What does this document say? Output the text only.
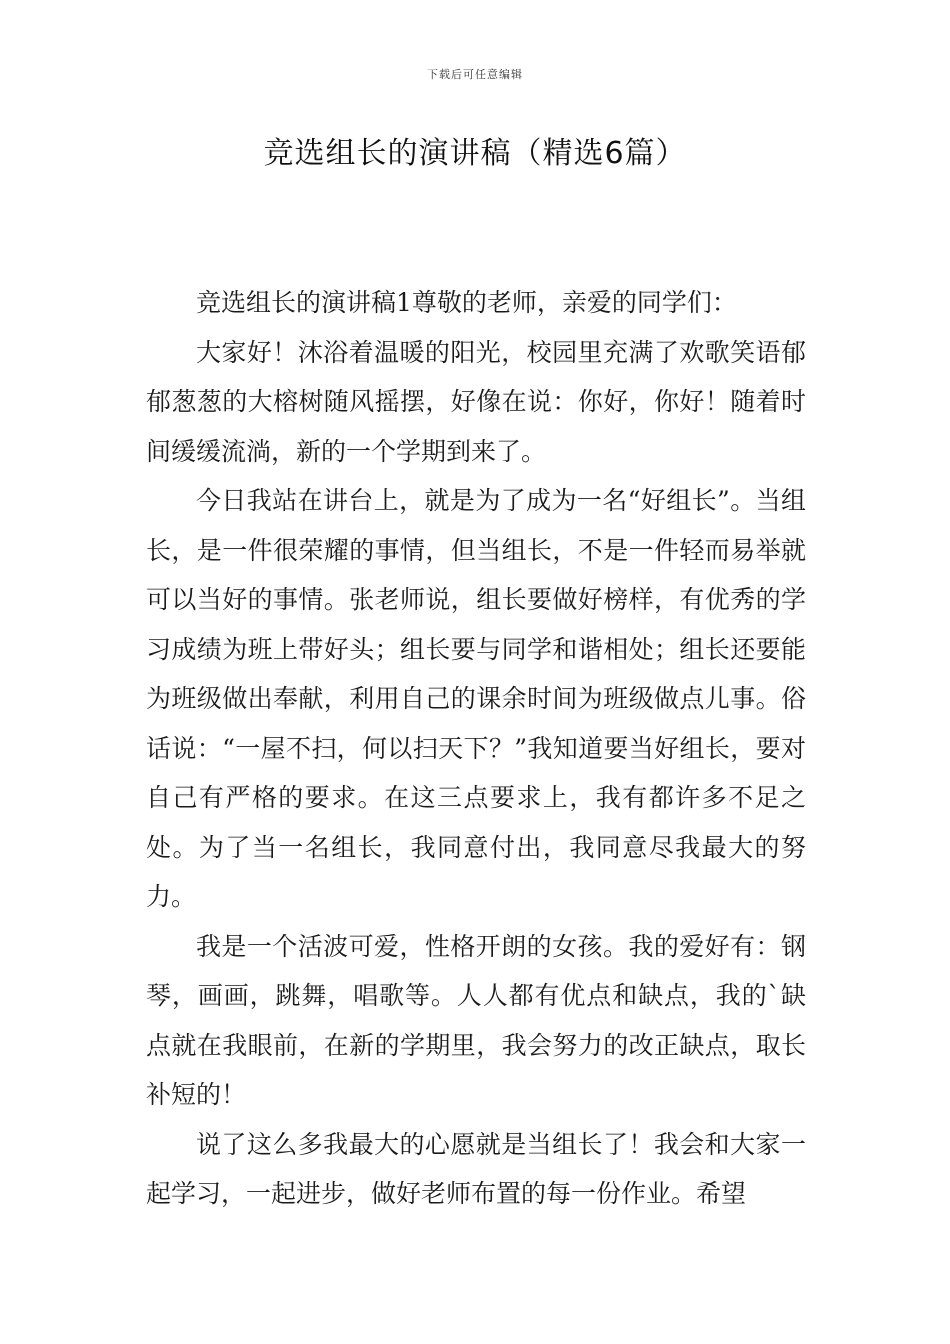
下载后可任意编辑
竞选组长的演讲稿（精选6篇）

竞选组长的演讲稿1尊敬的老师，亲爱的同学们：

大家好！沐浴着温暖的阳光，校园里充满了欢歌笑语郁郁葱葱的大榕树随风摇摆，好像在说：你好，你好！随着时间缓缓流淌，新的一个学期到来了。

今日我站在讲台上，就是为了成为一名“好组长”。当组长，是一件很荣耀的事情，但当组长，不是一件轻而易举就可以当好的事情。张老师说，组长要做好榜样，有优秀的学习成绩为班上带好头；组长要与同学和谐相处；组长还要能为班级做出奉献，利用自己的课余时间为班级做点儿事。俗话说：“一屋不扫，何以扫天下？”我知道要当好组长，要对自己有严格的要求。在这三点要求上，我有都许多不足之处。为了当一名组长，我同意付出，我同意尽我最大的努力。

我是一个活波可爱，性格开朗的女孩。我的爱好有：钢琴，画画，跳舞，唱歌等。人人都有优点和缺点，我的`缺点就在我眼前，在新的学期里，我会努力的改正缺点，取长补短的！

说了这么多我最大的心愿就是当组长了！我会和大家一起学习，一起进步，做好老师布置的每一份作业。希望
